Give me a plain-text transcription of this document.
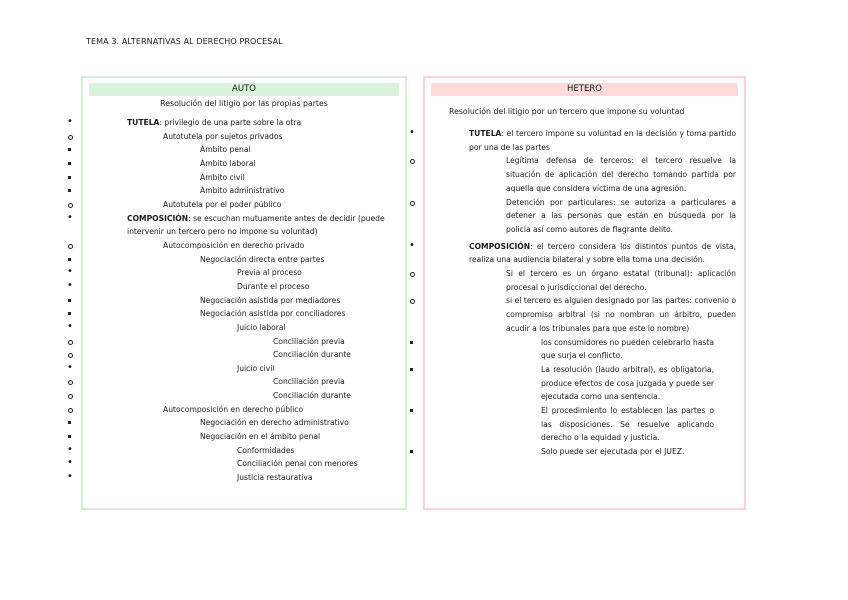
TEMA 3. ALTERNATIVAS AL DERECHO PROCESAL
AUTO
Resolución del litigio por las propias partes
• TUTELA: privilegio de una parte sobre la otra
Autotutela por sujetos privados
Ámbito penal
Ámbito laboral
Ámbito civil
Ámbito administrativo
Autotutela por el poder público
• COMPOSICIÓN: se escuchan mutuamente antes de decidir (puede intervenir un tercero pero no impone su voluntad)
Autocomposición en derecho privado
Negociación directa entre partes
• Previa al proceso
• Durante el proceso
Negociación asistida por mediadores
Negociación asistida por conciliadores
• Juicio laboral
Conciliación previa
Conciliación durante
• Juicio civil
Conciliación previa
Conciliación durante
Autocomposición en derecho público
Negociación en derecho administrativo
Negociación en el ámbito penal
• Conformidades
• Conciliación penal con menores
• Justicia restaurativa
HETERO
Resolución del litigio por un tercero que impone su voluntad
• TUTELA: el tercero impone su voluntad en la decisión y toma partido por una de las partes
Legítima defensa de terceros: el tercero resuelve la situación de aplicación del derecho tomando partida por aquella que considera víctima de una agresión.
Detención por particulares: se autoriza a particulares a detener a las personas que están en búsqueda por la policía así como autores de flagrante delito.
• COMPOSICIÓN: el tercero considera los distintos puntos de vista, realiza una audiencia bilateral y sobre ella toma una decisión.
Si el tercero es un órgano estatal (tribunal): aplicación procesal o jurisdiccional del derecho.
si el tercero es alguien designado por las partes: convenio o compromiso arbitral (si no nombran un árbitro, pueden acudir a los tribunales para que este lo nombre)
los consumidores no pueden celebrarlo hasta que surja el conflicto.
La resolución (laudo arbitral), es obligatoria, produce efectos de cosa juzgada y puede ser ejecutada como una sentencia.
El procedimiento lo establecen las partes o las disposiciones. Se resuelve aplicando derecho o la equidad y justicia.
Solo puede ser ejecutada por el JUEZ.
